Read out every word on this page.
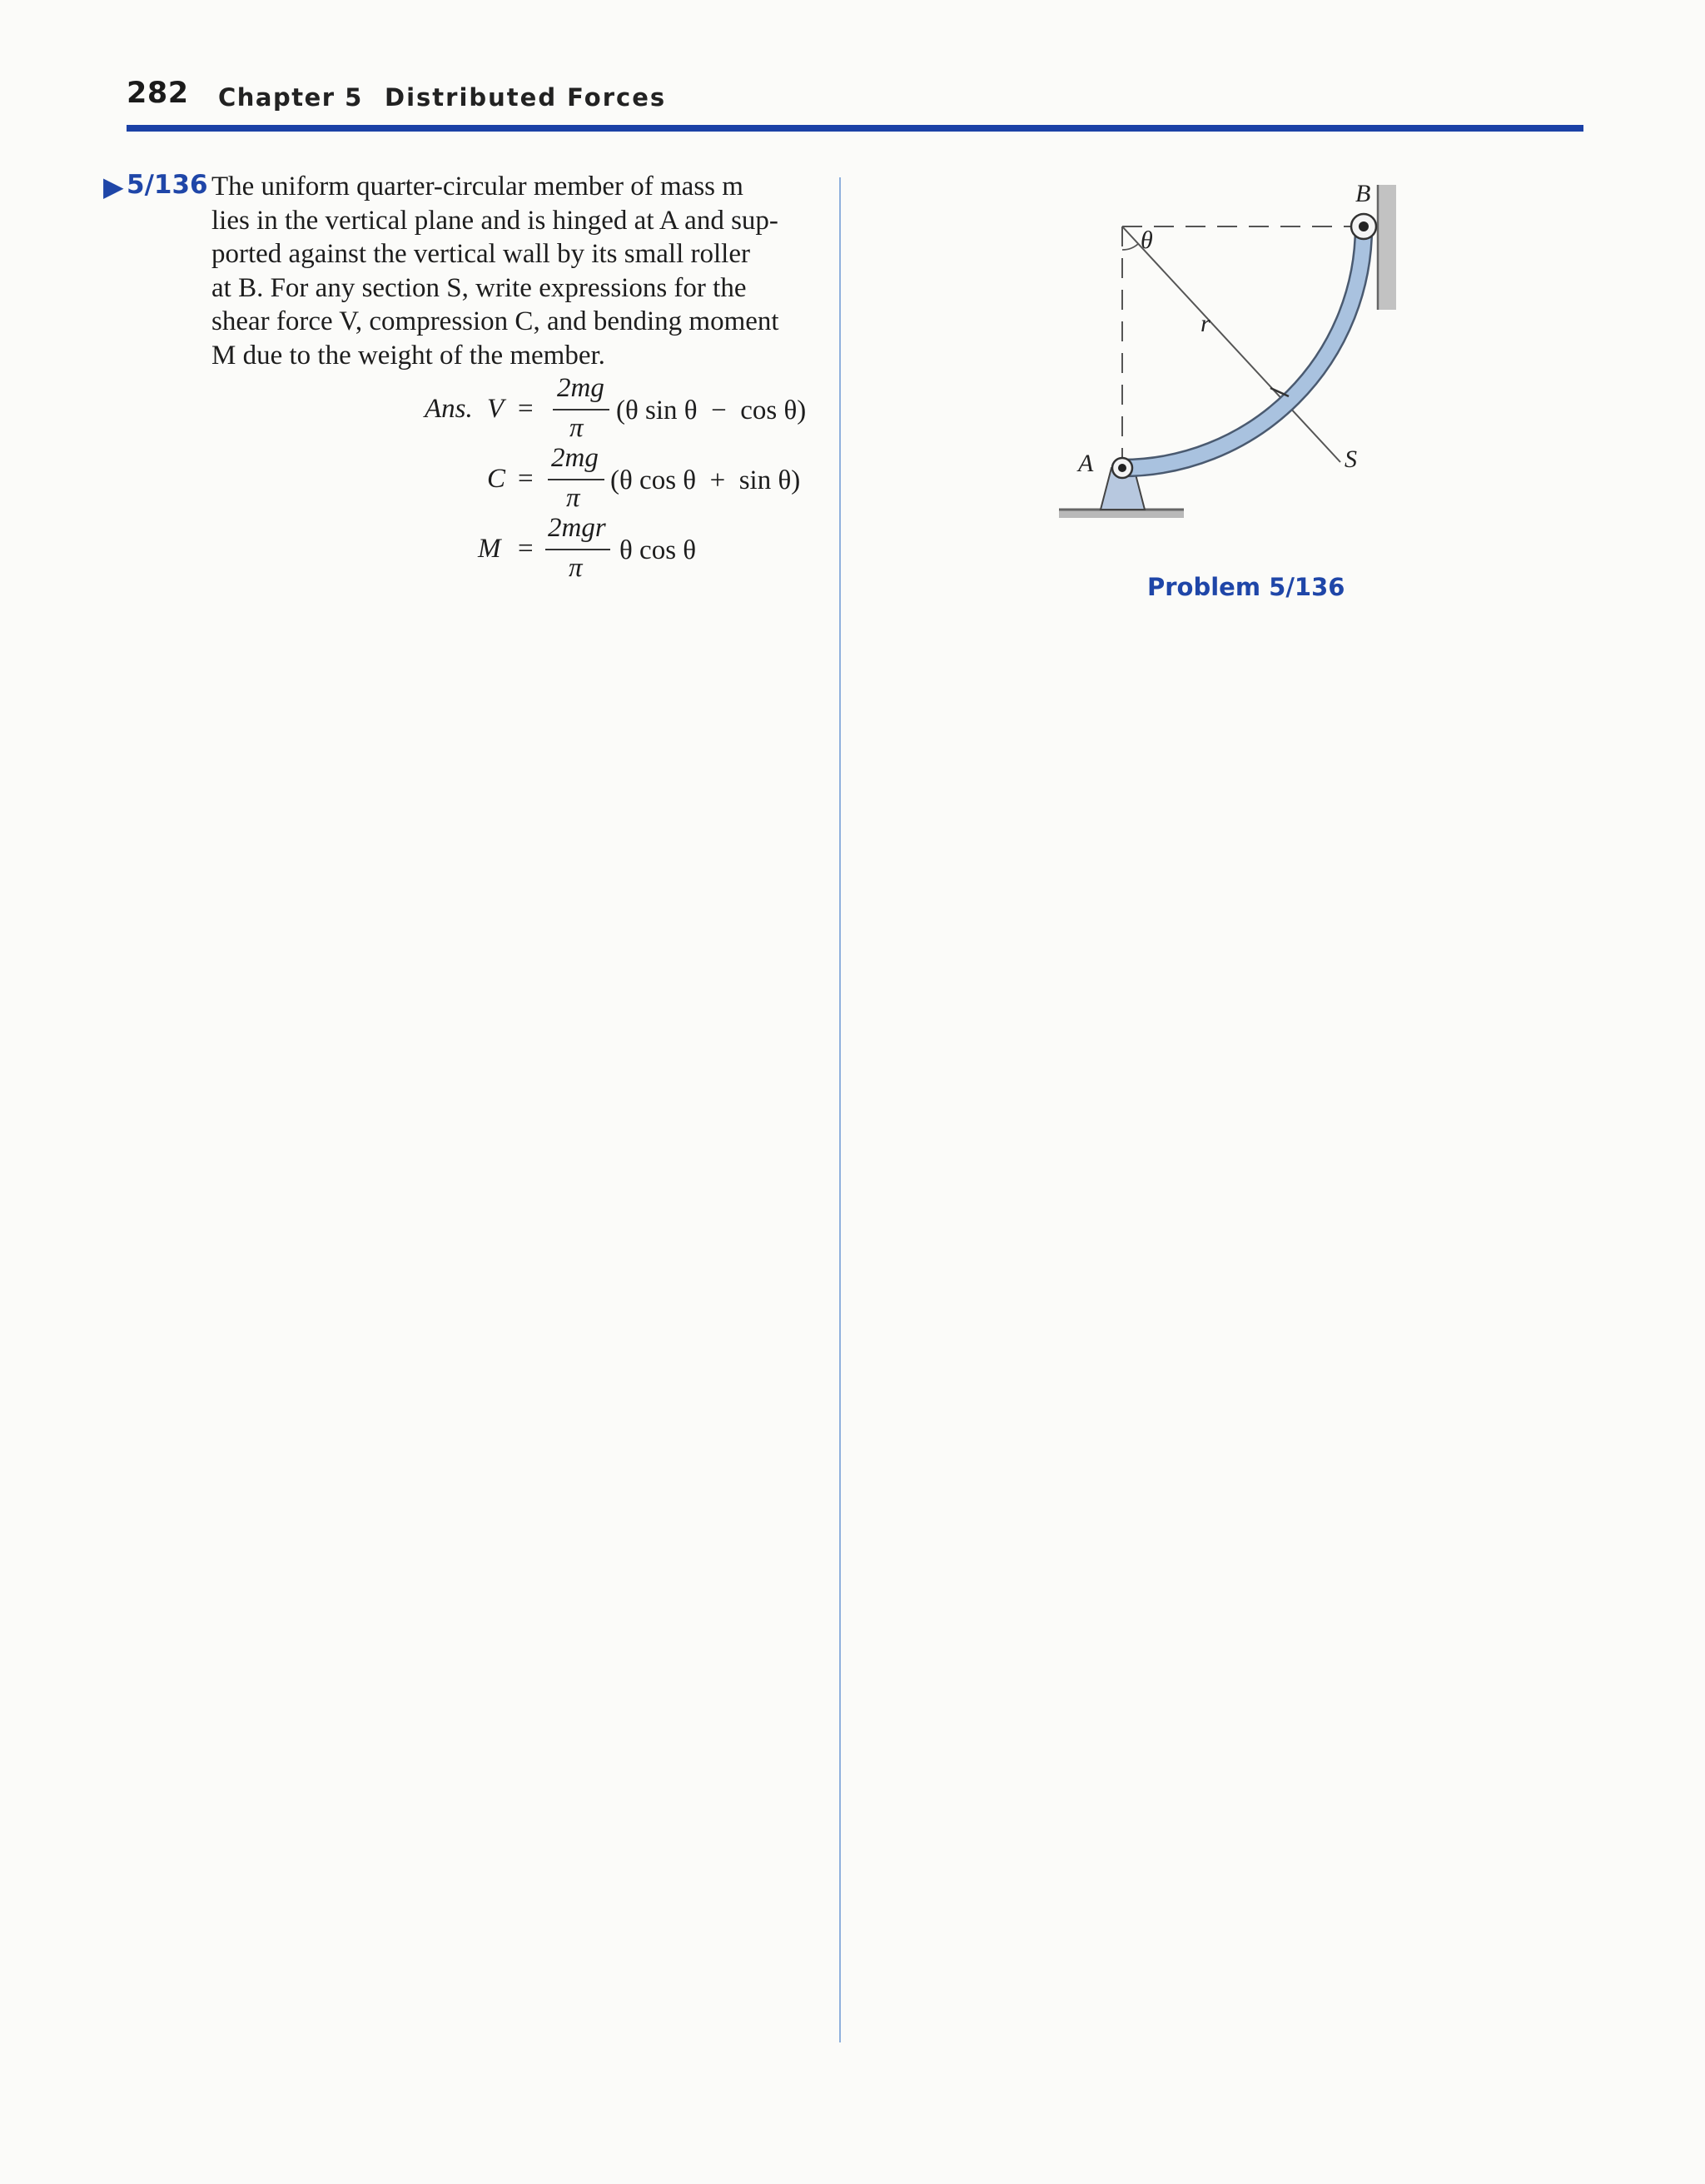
282 Chapter 5 Distributed Forces
▶ 5/136 The uniform quarter-circular member of mass m

lies in the vertical plane and is hinged at A and sup-

ported against the vertical wall by its small roller

at B. For any section S, write expressions for the

shear force V, compression C, and bending moment

M due to the weight of the member.

Ans. V =
2mg
π
(θ sin θ  −  cos θ)
C =
2mg
π
(θ cos θ  +  sin θ)
M =
2mgr
π
θ cos θ
A
B
θ
r
S
Problem 5/136
